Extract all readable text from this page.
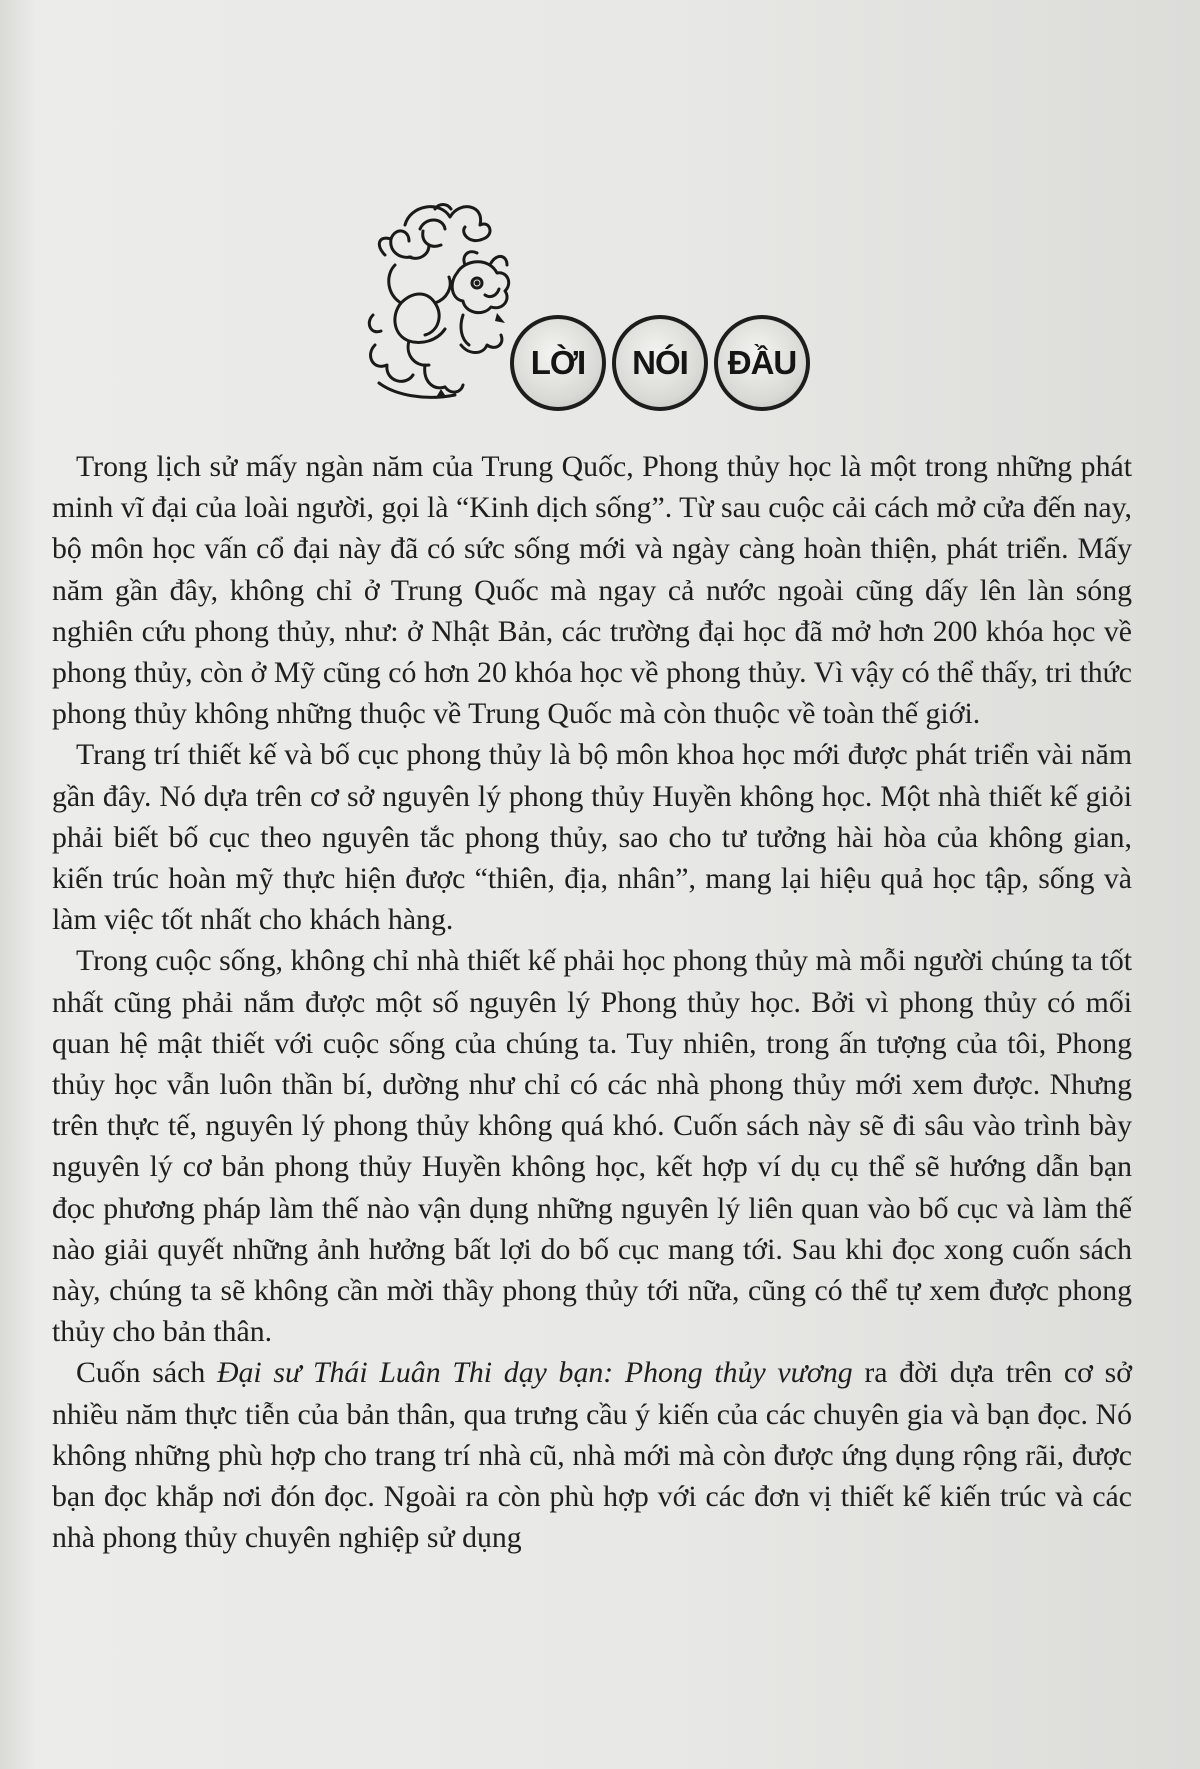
LỜI	NÓI	ĐẦU

Trong lịch sử mấy ngàn năm của Trung Quốc, Phong thủy học là một trong những phát minh vĩ đại của loài người, gọi là “Kinh dịch sống”. Từ sau cuộc cải cách mở cửa đến nay, bộ môn học vấn cổ đại này đã có sức sống mới và ngày càng hoàn thiện, phát triển. Mấy năm gần đây, không chỉ ở Trung Quốc mà ngay cả nước ngoài cũng dấy lên làn sóng nghiên cứu phong thủy, như: ở Nhật Bản, các trường đại học đã mở hơn 200 khóa học về phong thủy, còn ở Mỹ cũng có hơn 20 khóa học về phong thủy. Vì vậy có thể thấy, tri thức phong thủy không những thuộc về Trung Quốc mà còn thuộc về toàn thế giới.

Trang trí thiết kế và bố cục phong thủy là bộ môn khoa học mới được phát triển vài năm gần đây. Nó dựa trên cơ sở nguyên lý phong thủy Huyền không học. Một nhà thiết kế giỏi phải biết bố cục theo nguyên tắc phong thủy, sao cho tư tưởng hài hòa của không gian, kiến trúc hoàn mỹ thực hiện được “thiên, địa, nhân”, mang lại hiệu quả học tập, sống và làm việc tốt nhất cho khách hàng.

Trong cuộc sống, không chỉ nhà thiết kế phải học phong thủy mà mỗi người chúng ta tốt nhất cũng phải nắm được một số nguyên lý Phong thủy học. Bởi vì phong thủy có mối quan hệ mật thiết với cuộc sống của chúng ta. Tuy nhiên, trong ấn tượng của tôi, Phong thủy học vẫn luôn thần bí, dường như chỉ có các nhà phong thủy mới xem được. Nhưng trên thực tế, nguyên lý phong thủy không quá khó. Cuốn sách này sẽ đi sâu vào trình bày nguyên lý cơ bản phong thủy Huyền không học, kết hợp ví dụ cụ thể sẽ hướng dẫn bạn đọc phương pháp làm thế nào vận dụng những nguyên lý liên quan vào bố cục và làm thế nào giải quyết những ảnh hưởng bất lợi do bố cục mang tới. Sau khi đọc xong cuốn sách này, chúng ta sẽ không cần mời thầy phong thủy tới nữa, cũng có thể tự xem được phong thủy cho bản thân.

Cuốn sách Đại sư Thái Luân Thi dạy bạn: Phong thủy vương ra đời dựa trên cơ sở nhiều năm thực tiễn của bản thân, qua trưng cầu ý kiến của các chuyên gia và bạn đọc. Nó không những phù hợp cho trang trí nhà cũ, nhà mới mà còn được ứng dụng rộng rãi, được bạn đọc khắp nơi đón đọc. Ngoài ra còn phù hợp với các đơn vị thiết kế kiến trúc và các nhà phong thủy chuyên nghiệp sử dụng
